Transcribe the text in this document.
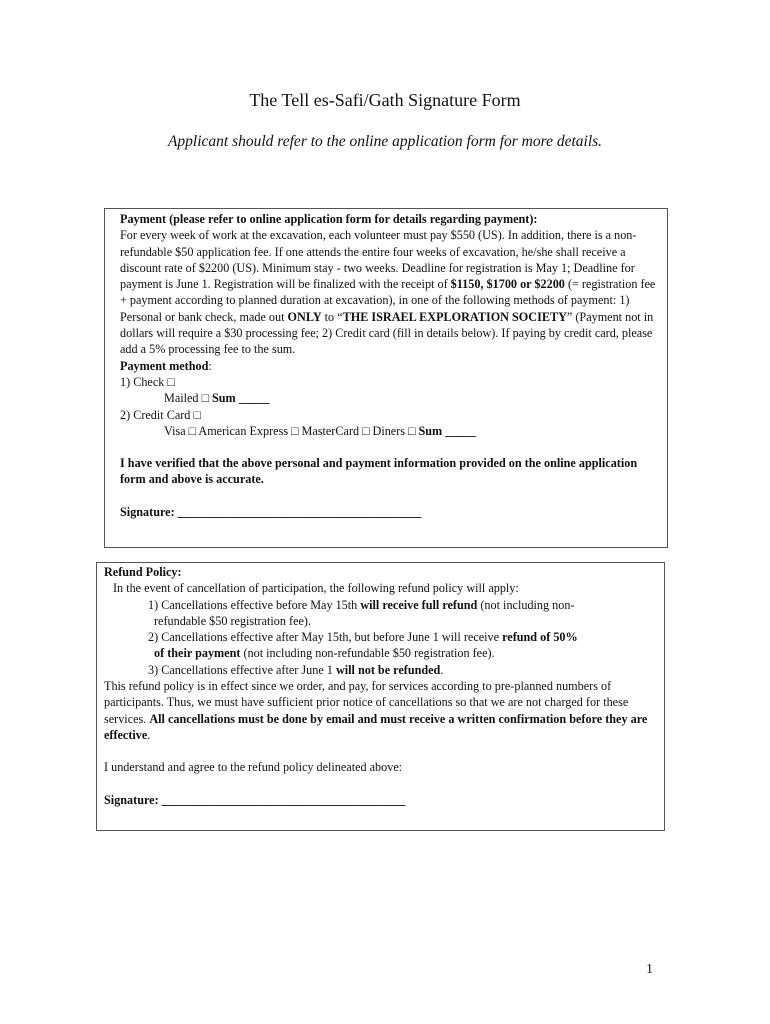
The Tell es-Safi/Gath Signature Form
Applicant should refer to the online application form for more details.

Payment (please refer to online application form for details regarding payment):

For every week of work at the excavation, each volunteer must pay $550 (US). In addition, there is a non-refundable $50 application fee. If one attends the entire four weeks of excavation, he/she shall receive a discount rate of $2200 (US). Minimum stay - two weeks. Deadline for registration is May 1; Deadline for payment is June 1. Registration will be finalized with the receipt of $1150, $1700 or $2200 (= registration fee + payment according to planned duration at excavation), in one of the following methods of payment: 1) Personal or bank check, made out ONLY to “THE ISRAEL EXPLORATION SOCIETY” (Payment not in dollars will require a $30 processing fee; 2) Credit card (fill in details below). If paying by credit card, please add a 5% processing fee to the sum.

Payment method:

1) Check □

Mailed □ Sum _____

2) Credit Card □

Visa □ American Express □ MasterCard □ Diners □ Sum _____

I have verified that the above personal and payment information provided on the online application form and above is accurate.

Signature: ________________________________________

Refund Policy:

In the event of cancellation of participation, the following refund policy will apply:

1) Cancellations effective before May 15th will receive full refund (not including non-

refundable $50 registration fee).

2) Cancellations effective after May 15th, but before June 1 will receive refund of 50%

of their payment (not including non-refundable $50 registration fee).

3) Cancellations effective after June 1 will not be refunded.

This refund policy is in effect since we order, and pay, for services according to pre-planned numbers of participants. Thus, we must have sufficient prior notice of cancellations so that we are not charged for these services. All cancellations must be done by email and must receive a written confirmation before they are effective.

I understand and agree to the refund policy delineated above:

Signature: ________________________________________

1
